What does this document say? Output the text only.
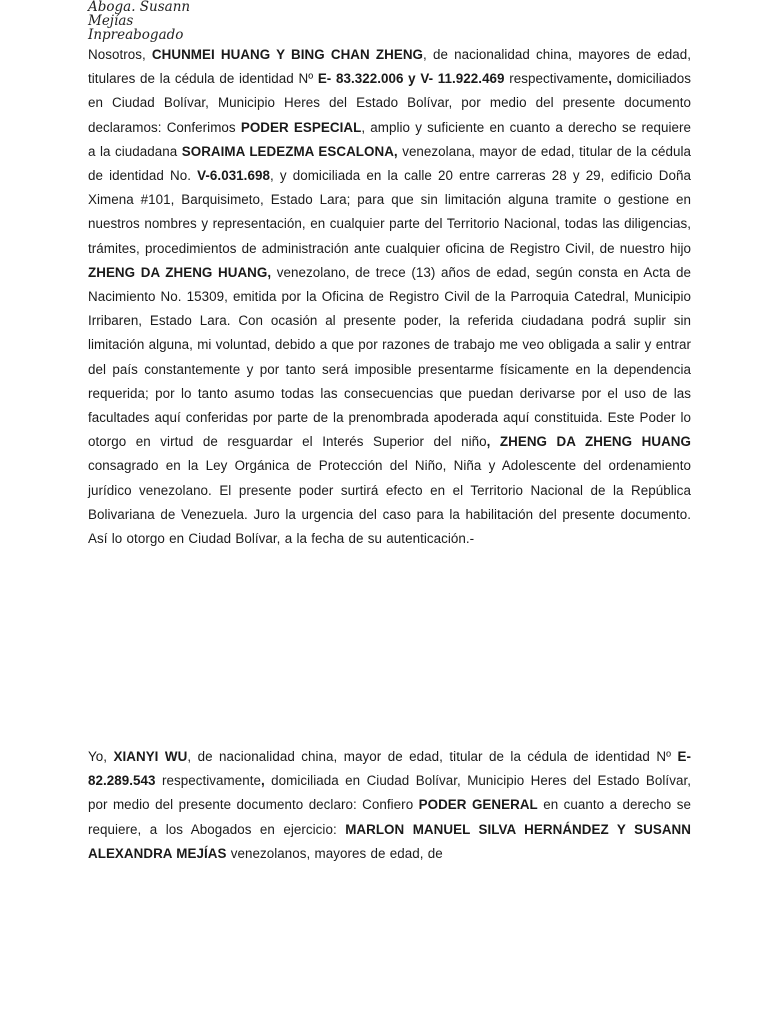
Aboga. Susann
Mejías
Inpreabogado
Nosotros, CHUNMEI HUANG Y BING CHAN ZHENG, de nacionalidad china, mayores de edad, titulares de la cédula de identidad Nº E- 83.322.006 y V- 11.922.469 respectivamente, domiciliados en Ciudad Bolívar, Municipio Heres del Estado Bolívar, por medio del presente documento declaramos: Conferimos PODER ESPECIAL, amplio y suficiente en cuanto a derecho se requiere a la ciudadana SORAIMA LEDEZMA ESCALONA, venezolana, mayor de edad, titular de la cédula de identidad No. V-6.031.698, y domiciliada en la calle 20 entre carreras 28 y 29, edificio Doña Ximena #101, Barquisimeto, Estado Lara; para que sin limitación alguna tramite o gestione en nuestros nombres y representación, en cualquier parte del Territorio Nacional, todas las diligencias, trámites, procedimientos de administración ante cualquier oficina de Registro Civil, de nuestro hijo ZHENG DA ZHENG HUANG, venezolano, de trece (13) años de edad, según consta en Acta de Nacimiento No. 15309, emitida por la Oficina de Registro Civil de la Parroquia Catedral, Municipio Irribaren, Estado Lara. Con ocasión al presente poder, la referida ciudadana podrá suplir sin limitación alguna, mi voluntad, debido a que por razones de trabajo me veo obligada a salir y entrar del país constantemente y por tanto será imposible presentarme físicamente en la dependencia requerida; por lo tanto asumo todas las consecuencias que puedan derivarse por el uso de las facultades aquí conferidas por parte de la prenombrada apoderada aquí constituida. Este Poder lo otorgo en virtud de resguardar el Interés Superior del niño, ZHENG DA ZHENG HUANG consagrado en la Ley Orgánica de Protección del Niño, Niña y Adolescente del ordenamiento jurídico venezolano. El presente poder surtirá efecto en el Territorio Nacional de la República Bolivariana de Venezuela. Juro la urgencia del caso para la habilitación del presente documento. Así lo otorgo en Ciudad Bolívar, a la fecha de su autenticación.-
Yo, XIANYI WU, de nacionalidad china, mayor de edad, titular de la cédula de identidad Nº E- 82.289.543 respectivamente, domiciliada en Ciudad Bolívar, Municipio Heres del Estado Bolívar, por medio del presente documento declaro: Confiero PODER GENERAL en cuanto a derecho se requiere, a los Abogados en ejercicio: MARLON MANUEL SILVA HERNÁNDEZ Y SUSANN ALEXANDRA MEJÍAS venezolanos, mayores de edad, de
